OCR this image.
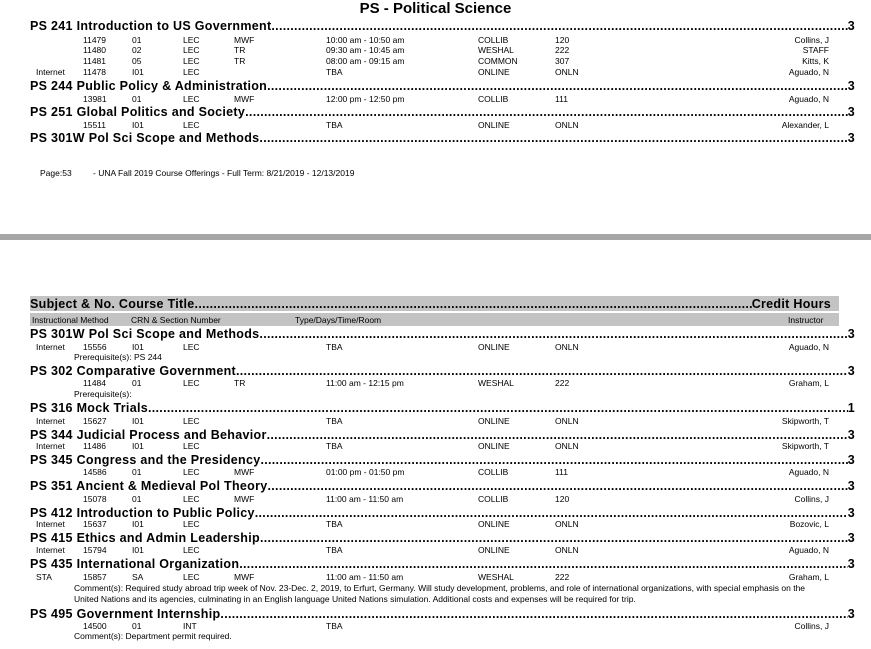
PS - Political Science
PS 241 Introduction to US Government .....	3
11479	01	LEC	MWF	10:00 am - 10:50 am	COLLIB	120	Collins, J
11480	02	LEC	TR	09:30 am - 10:45 am	WESHAL	222	STAFF
11481	05	LEC	TR	08:00 am - 09:15 am	COMMON	307	Kitts, K
Internet 11478	I01	LEC	TBA	ONLINE	ONLN	Aguado, N
PS 244 Public Policy & Administration .....	3
13981	01	LEC	MWF	12:00 pm - 12:50 pm	COLLIB	111	Aguado, N
PS 251 Global Politics and Society .....	3
15511	I01	LEC	TBA	ONLINE	ONLN	Alexander, L
PS 301W Pol Sci Scope and Methods .....	3
Page:53	- UNA Fall 2019 Course Offerings - Full Term: 8/21/2019 - 12/13/2019
Subject & No. Course Title .....	Credit Hours
Instructional Method	CRN & Section Number	Type/Days/Time/Room	Instructor
PS 301W Pol Sci Scope and Methods .....	3
Internet 15556	I01	LEC	TBA	ONLINE	ONLN	Aguado, N
Prerequisite(s): PS 244
PS 302 Comparative Government .....	3
11484	01	LEC	TR	11:00 am - 12:15 pm	WESHAL	222	Graham, L
Prerequisite(s):
PS 316 Mock Trials .....	1
Internet 15627	I01	LEC	TBA	ONLINE	ONLN	Skipworth, T
PS 344 Judicial Process and Behavior .....	3
Internet 11486	I01	LEC	TBA	ONLINE	ONLN	Skipworth, T
PS 345 Congress and the Presidency .....	3
14586	01	LEC	MWF	01:00 pm - 01:50 pm	COLLIB	111	Aguado, N
PS 351 Ancient & Medieval Pol Theory .....	3
15078	01	LEC	MWF	11:00 am - 11:50 am	COLLIB	120	Collins, J
PS 412 Introduction to Public Policy .....	3
Internet 15637	I01	LEC	TBA	ONLINE	ONLN	Bozovic, L
PS 415 Ethics and Admin Leadership .....	3
Internet 15794	I01	LEC	TBA	ONLINE	ONLN	Aguado, N
PS 435 International Organization .....	3
STA	15857	SA	LEC	MWF	11:00 am - 11:50 am	WESHAL	222	Graham, L
Comment(s): Required study abroad trip week of Nov. 23-Dec. 2, 2019, to Erfurt, Germany. Will study development, problems, and role of international organizations, with special emphasis on the
United Nations and its agencies, culminating in an English language United Nations simulation. Additional costs and expenses will be required for trip.
PS 495 Government Internship .....	3
14500	01	INT	TBA	Collins, J
Comment(s): Department permit required.
